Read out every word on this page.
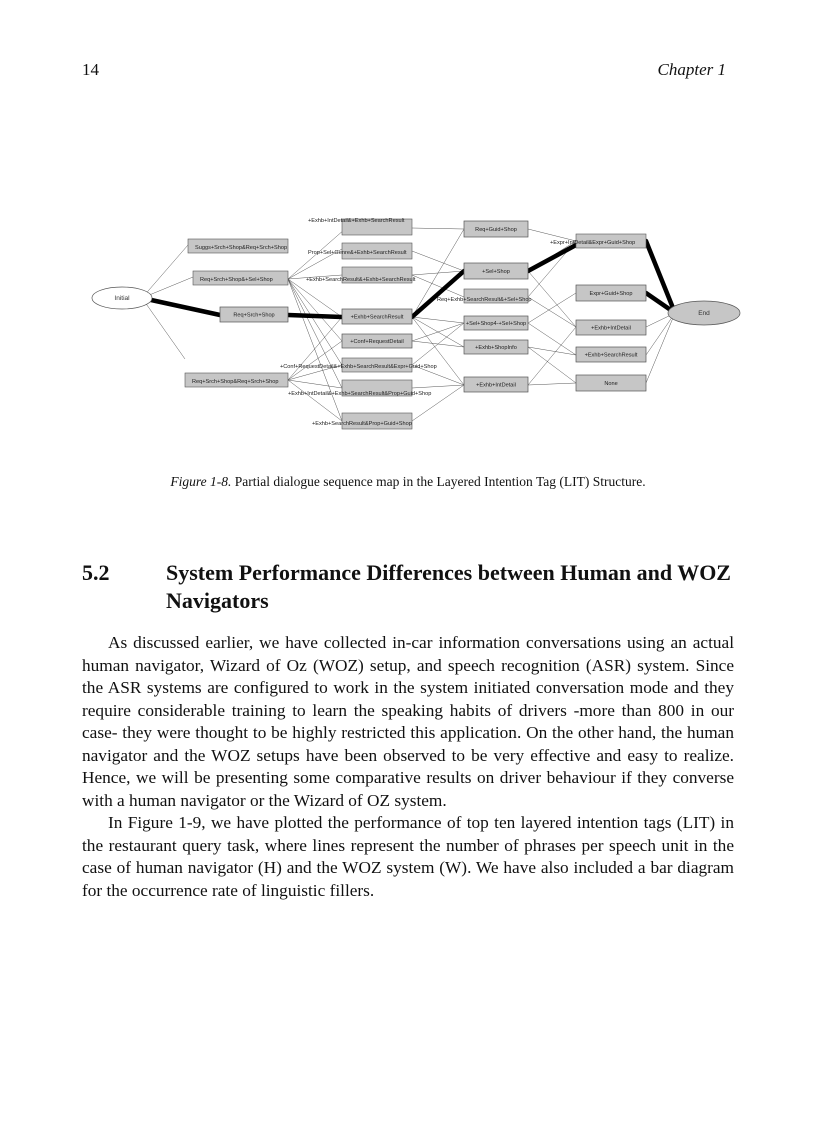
14	Chapter 1
Initial
End
Req+Srch+Shop	+Exhb+SearchResult
+Conf+RequestDetail
Req+Guid+Shop
+Sel+Shop
+Sel+Shop4-+Sel+Shop
+Exhb+ShopInfo
+Exhb+IntDetail
Expr+Guid+Shop
+Exhb+IntDetail
+Exhb+SearchResult
None
+Exhb+IntDetail&+Exhb+SearchResult
Suggs+Srch+Shop&Req+Srch+Shop
Prop+Sel+Genre&+Exhb+SearchResult
Req+Srch+Shop&+Sel+Shop	+Exhb+SearchResult&+Exhb+SearchResult
Req+Exhb+SearchResult&+Sel+Shop
+Expr+IntDetail&Expr+Guid+Shop
+Conf+RequestDetail&+Exhb+SearchResult&Expr+Guid+Shop
Req+Srch+Shop&Req+Srch+Shop
+Exhb+IntDetail&+Exhb+SearchResult&Prop+Guid+Shop
+Exhb+SearchResult&Prop+Guid+Shop
Figure 1-8. Partial dialogue sequence map in the Layered Intention Tag (LIT) Structure.
5.2	System Performance Differences between Human and WOZ Navigators

As discussed earlier, we have collected in-car information conversations using an actual human navigator, Wizard of Oz (WOZ) setup, and speech recognition (ASR) system. Since the ASR systems are configured to work in the system initiated conversation mode and they require considerable training to learn the speaking habits of drivers -more than 800 in our case- they were thought to be highly restricted this application. On the other hand, the human navigator and the WOZ setups have been observed to be very effective and easy to realize. Hence, we will be presenting some comparative results on driver behaviour if they converse with a human navigator or the Wizard of OZ system.

In Figure 1-9, we have plotted the performance of top ten layered intention tags (LIT) in the restaurant query task, where lines represent the number of phrases per speech unit in the case of human navigator (H) and the WOZ system (W). We have also included a bar diagram for the occurrence rate of linguistic fillers.
